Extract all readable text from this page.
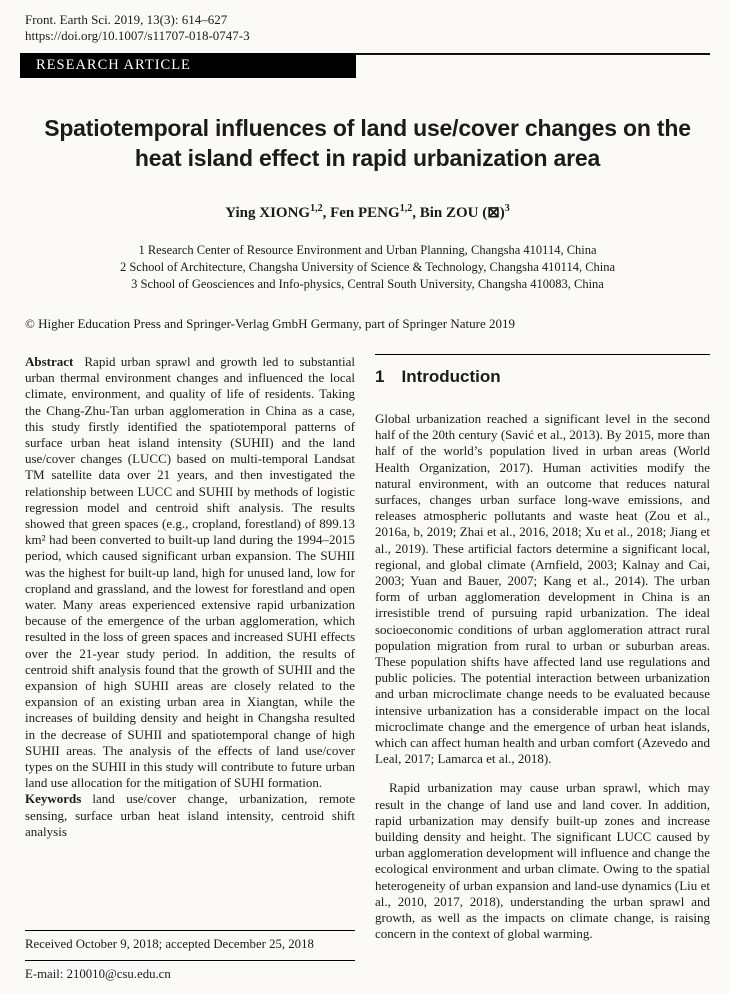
Front. Earth Sci. 2019, 13(3): 614–627
https://doi.org/10.1007/s11707-018-0747-3
RESEARCH ARTICLE
Spatiotemporal influences of land use/cover changes on the heat island effect in rapid urbanization area
Ying XIONG$^{1,2}$, Fen PENG$^{1,2}$, Bin ZOU (⊠)$^3$
1 Research Center of Resource Environment and Urban Planning, Changsha 410114, China
2 School of Architecture, Changsha University of Science & Technology, Changsha 410114, China
3 School of Geosciences and Info-physics, Central South University, Changsha 410083, China
© Higher Education Press and Springer-Verlag GmbH Germany, part of Springer Nature 2019

Abstract Rapid urban sprawl and growth led to substantial urban thermal environment changes and influenced the local climate, environment, and quality of life of residents. Taking the Chang-Zhu-Tan urban agglomeration in China as a case, this study firstly identified the spatiotemporal patterns of surface urban heat island intensity (SUHII) and the land use/cover changes (LUCC) based on multi-temporal Landsat TM satellite data over 21 years, and then investigated the relationship between LUCC and SUHII by methods of logistic regression model and centroid shift analysis. The results showed that green spaces (e.g., cropland, forestland) of 899.13 km² had been converted to built-up land during the 1994–2015 period, which caused significant urban expansion. The SUHII was the highest for built-up land, high for unused land, low for cropland and grassland, and the lowest for forestland and open water. Many areas experienced extensive rapid urbanization because of the emergence of the urban agglomeration, which resulted in the loss of green spaces and increased SUHI effects over the 21-year study period. In addition, the results of centroid shift analysis found that the growth of SUHII and the expansion of high SUHII areas are closely related to the expansion of an existing urban area in Xiangtan, while the increases of building density and height in Changsha resulted in the decrease of SUHII and spatiotemporal change of high SUHII areas. The analysis of the effects of land use/cover types on the SUHII in this study will contribute to future urban land use allocation for the mitigation of SUHI formation.

Keywords land use/cover change, urbanization, remote sensing, surface urban heat island intensity, centroid shift analysis

Received October 9, 2018; accepted December 25, 2018
E-mail: 210010@csu.edu.cn
1 Introduction

Global urbanization reached a significant level in the second half of the 20th century (Savić et al., 2013). By 2015, more than half of the world’s population lived in urban areas (World Health Organization, 2017). Human activities modify the natural environment, with an outcome that reduces natural surfaces, changes urban surface long-wave emissions, and releases atmospheric pollutants and waste heat (Zou et al., 2016a, b, 2019; Zhai et al., 2016, 2018; Xu et al., 2018; Jiang et al., 2019). These artificial factors determine a significant local, regional, and global climate (Arnfield, 2003; Kalnay and Cai, 2003; Yuan and Bauer, 2007; Kang et al., 2014). The urban form of urban agglomeration development in China is an irresistible trend of pursuing rapid urbanization. The ideal socioeconomic conditions of urban agglomeration attract rural population migration from rural to urban or suburban areas. These population shifts have affected land use regulations and public policies. The potential interaction between urbanization and urban microclimate change needs to be evaluated because intensive urbanization has a considerable impact on the local microclimate change and the emergence of urban heat islands, which can affect human health and urban comfort (Azevedo and Leal, 2017; Lamarca et al., 2018).

Rapid urbanization may cause urban sprawl, which may result in the change of land use and land cover. In addition, rapid urbanization may densify built-up zones and increase building density and height. The significant LUCC caused by urban agglomeration development will influence and change the ecological environment and urban climate. Owing to the spatial heterogeneity of urban expansion and land-use dynamics (Liu et al., 2010, 2017, 2018), understanding the urban sprawl and growth, as well as the impacts on climate change, is raising concern in the context of global warming.
